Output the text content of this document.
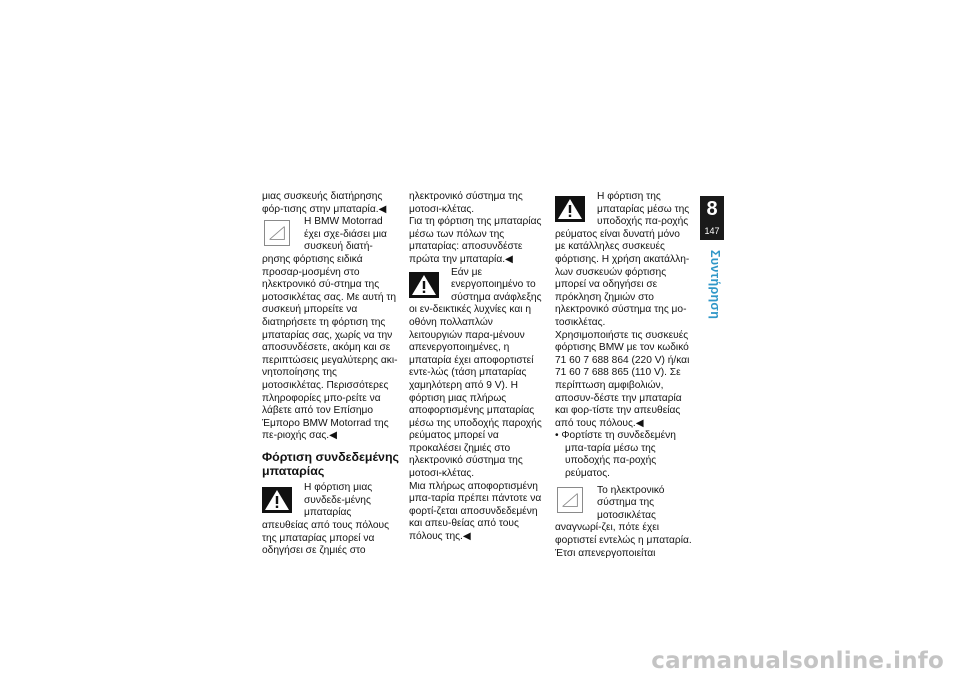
μιας συσκευής διατήρησης φόρ-τισης στην μπαταρία.◀

Η BMW Motorrad έχει σχε-διάσει μια συσκευή διατή-ρησης φόρτισης ειδικά προσαρ-μοσμένη στο ηλεκτρονικό σύ-στημα της μοτοσικλέτας σας. Με αυτή τη συσκευή μπορείτε να διατηρήσετε τη φόρτιση της μπαταρίας σας, χωρίς να την αποσυνδέσετε, ακόμη και σε περιπτώσεις μεγαλύτερης ακι-νητοποίησης της μοτοσικλέτας. Περισσότερες πληροφορίες μπο-ρείτε να λάβετε από τον Επίσημο Έμπορο BMW Motorrad της πε-ριοχής σας.◀

Φόρτιση συνδεδεμένης μπαταρίας

Η φόρτιση μιας συνδεδε-μένης μπαταρίας απευθείας από τους πόλους της μπαταρίας μπορεί να οδηγήσει σε ζημιές στο

ηλεκτρονικό σύστημα της μοτοσι-κλέτας.

Για τη φόρτιση της μπαταρίας μέσω των πόλων της μπαταρίας: αποσυνδέστε πρώτα την μπαταρία.◀

Εάν με ενεργοποιημένο το σύστημα ανάφλεξης οι εν-δεικτικές λυχνίες και η οθόνη πολλαπλών λειτουργιών παρα-μένουν απενεργοποιημένες, η μπαταρία έχει αποφορτιστεί εντε-λώς (τάση μπαταρίας χαμηλότερη από 9 V). Η φόρτιση μιας πλήρως αποφορτισμένης μπαταρίας μέσω της υποδοχής παροχής ρεύματος μπορεί να προκαλέσει ζημιές στο ηλεκτρονικό σύστημα της μοτοσι-κλέτας.

Μια πλήρως αποφορτισμένη μπα-ταρία πρέπει πάντοτε να φορτί-ζεται αποσυνδεδεμένη και απευ-θείας από τους πόλους της.◀

Η φόρτιση της μπαταρίας μέσω της υποδοχής πα-ροχής ρεύματος είναι δυνατή μόνο με κατάλληλες συσκευές φόρτισης. Η χρήση ακατάλλη-λων συσκευών φόρτισης μπορεί να οδηγήσει σε πρόκληση ζημιών στο ηλεκτρονικό σύστημα της μο-τοσικλέτας.

Χρησιμοποιήστε τις συσκευές φόρτισης BMW με τον κωδικό 71 60 7 688 864 (220 V) ή/και 71 60 7 688 865 (110 V). Σε περίπτωση αμφιβολιών, αποσυν-δέστε την μπαταρία και φορ-τίστε την απευθείας από τους πόλους.◀

• Φορτίστε τη συνδεδεμένη μπα-ταρία μέσω της υποδοχής πα-ροχής ρεύματος.

Το ηλεκτρονικό σύστημα της μοτοσικλέτας αναγνωρί-ζει, πότε έχει φορτιστεί εντελώς η μπαταρία. Έτσι απενεργοποιείται

8
147
Συντήρηση
carmanualsonline.info
